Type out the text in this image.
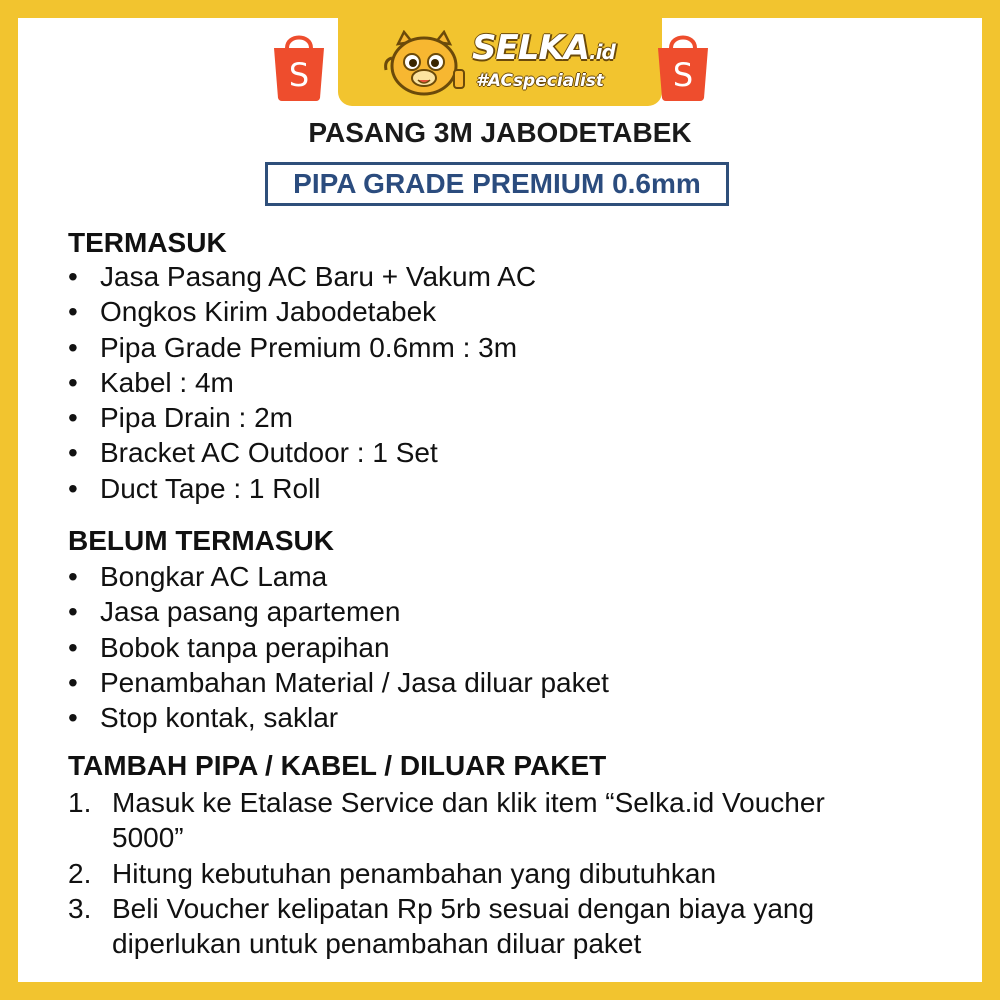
S	S
SELKA.id
#ACspecialist
PASANG 3M JABODETABEK
PIPA GRADE PREMIUM 0.6mm
TERMASUK
• Jasa Pasang AC Baru + Vakum AC
• Ongkos Kirim Jabodetabek
• Pipa Grade Premium 0.6mm : 3m
• Kabel : 4m
• Pipa Drain : 2m
• Bracket AC Outdoor : 1 Set
• Duct Tape : 1 Roll
BELUM TERMASUK
• Bongkar AC Lama
• Jasa pasang apartemen
• Bobok tanpa perapihan
• Penambahan Material / Jasa diluar paket
• Stop kontak, saklar
TAMBAH PIPA / KABEL / DILUAR PAKET
1. Masuk ke Etalase Service dan klik item “Selka.id Voucher 5000”
2. Hitung kebutuhan penambahan yang dibutuhkan
3. Beli Voucher kelipatan Rp 5rb sesuai dengan biaya yang diperlukan untuk penambahan diluar paket
